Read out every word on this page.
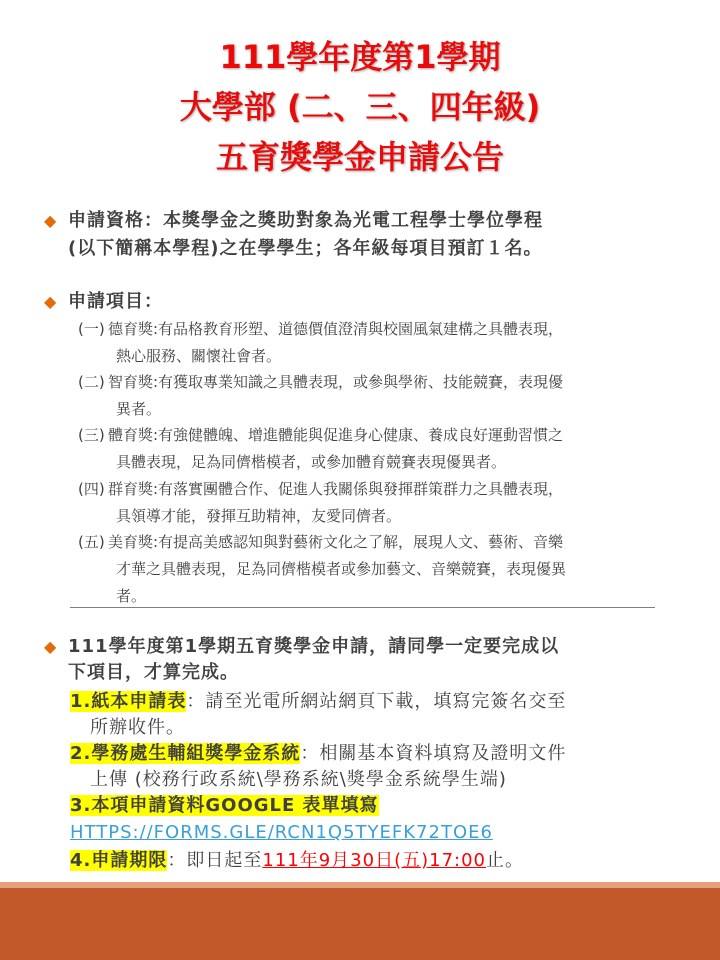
111學年度第1學期
大學部 (二、三、四年級)
五育獎學金申請公告
◆ 申請資格：本獎學金之獎助對象為光電工程學士學位學程
(以下簡稱本學程)之在學學生；各年級每項目預訂１名。
◆ 申請項目：
(一) 德育獎:有品格教育形塑、道德價值澄清與校園風氣建構之具體表現，
熱心服務、關懷社會者。
(二) 智育獎:有獲取專業知識之具體表現，或參與學術、技能競賽，表現優
異者。
(三) 體育獎:有強健體魄、增進體能與促進身心健康、養成良好運動習慣之
具體表現，足為同儕楷模者，或參加體育競賽表現優異者。
(四) 群育獎:有落實團體合作、促進人我關係與發揮群策群力之具體表現，
具領導才能，發揮互助精神，友愛同儕者。
(五) 美育獎:有提高美感認知與對藝術文化之了解，展現人文、藝術、音樂
才華之具體表現，足為同儕楷模者或參加藝文、音樂競賽，表現優異
者。
◆ 111學年度第1學期五育獎學金申請，請同學一定要完成以
下項目，才算完成。
1.紙本申請表：請至光電所網站網頁下載，填寫完簽名交至
所辦收件。
2.學務處生輔組獎學金系統：相關基本資料填寫及證明文件
上傳 (校務行政系統\學務系統\獎學金系統學生端)
3.本項申請資料GOOGLE 表單填寫
HTTPS://FORMS.GLE/RCN1Q5TYEFK72TOE6
4.申請期限：即日起至111年9月30日(五)17:00止。
